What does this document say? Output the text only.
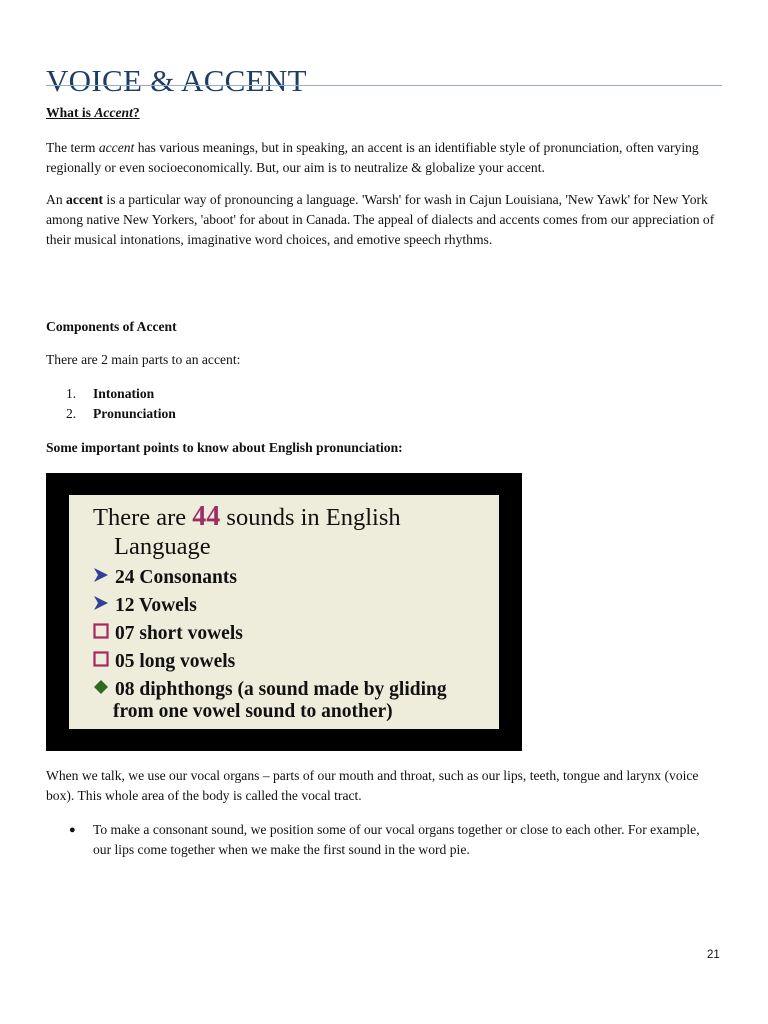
VOICE & ACCENT
What is Accent?
The term accent has various meanings, but in speaking, an accent is an identifiable style of pronunciation, often varying regionally or even socioeconomically. But, our aim is to neutralize & globalize your accent.
An accent is a particular way of pronouncing a language. 'Warsh' for wash in Cajun Louisiana, 'New Yawk' for New York among native New Yorkers, 'aboot' for about in Canada. The appeal of dialects and accents comes from our appreciation of their musical intonations, imaginative word choices, and emotive speech rhythms.
Components of Accent
There are 2 main parts to an accent:
1.	Intonation
2.	Pronunciation
Some important points to know about English pronunciation:
There are 44 sounds in English
Language
24 Consonants
12 Vowels
07 short vowels
05 long vowels
08 diphthongs (a sound made by gliding
from one vowel sound to another)
When we talk, we use our vocal organs – parts of our mouth and throat, such as our lips, teeth, tongue and larynx (voice box). This whole area of the body is called the vocal tract.
● To make a consonant sound, we position some of our vocal organs together or close to each other. For example, our lips come together when we make the first sound in the word pie.
21
